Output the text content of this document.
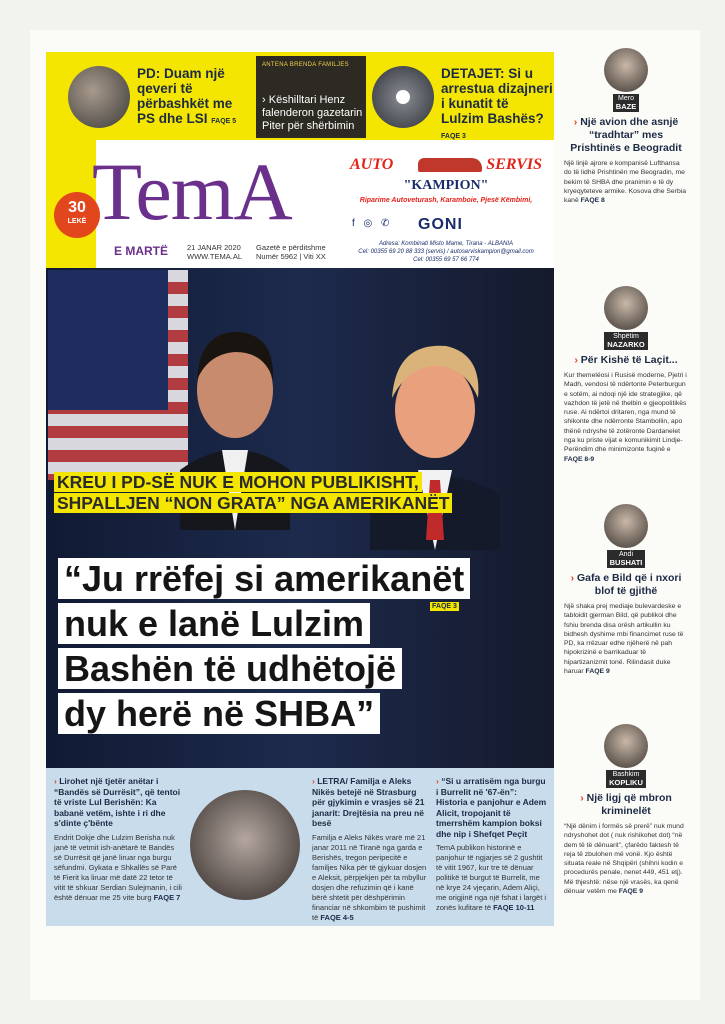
PD: Duam një qeveri të përbashkët me PS dhe LSI FAQE 5
ANTENA BRENDA FAMILJES
› Këshilltari Henz falenderon gazetarin Piter për shërbimin
DETAJET: Si u arrestua dizajneri i kunatit të Lulzim Bashës? FAQE 3
30
LEKË TemA
E MARTË	21 JANAR 2020
WWW.TEMA.AL
Gazetë e përditshme
Numër 5962 | Viti XX
AUTO	SERVIS
"KAMPION"
Riparime Autoveturash, Karamboie, Pjesë Këmbimi,
f ◎ ✆ GONI
Adresa: Kombinati Misto Mame, Tirana - ALBANIA
Cel: 00355 69 20 88 333 (servis) / autoserviskampion@gmail.com
Cel: 00355 69 57 66 774
KREU I PD-SË NUK E MOHON PUBLIKISHT, SHPALLJEN “NON GRATA” NGA AMERIKANËT
“Ju rrëfej si amerikanët
nuk e lanë Lulzim
Bashën të udhëtojë
dy herë në SHBA”
FAQE 3
› Lirohet një tjetër anëtar i “Bandës së Durrësit”, që tentoi të vriste Lul Berishën: Ka babanë vetëm, ishte i ri dhe s'dinte ç'bënte
Endrit Dokje dhe Lulzim Berisha nuk janë të vetmit ish-anëtarë të Bandës së Durrësit që janë liruar nga burgu sëfundmi. Gykata e Shkallës së Parë të Fierit ka liruar më datë 22 tetor të vitit të shkuar Serdian Sulejmanin, i cili është dënuar me 25 vite burg FAQE 7
› LETRA/ Familja e Aleks Nikës betejë në Strasburg për gjykimin e vrasjes së 21 janarit: Drejtësia na preu në besë
Familja e Aleks Nikës vrarë më 21 janar 2011 në Tiranë nga garda e Berishës, tregon peripecitë e familjes Nika për të gjykuar dosjen e Aleksit, përpjekjen për ta mbyllur dosjen dhe refuzimin që i kanë bërë shtetit për dëshpërimin financiar në shkombim të pushimit të FAQE 4-5
› “Si u arratisëm nga burgu i Burrelit në '67-ën”: Historia e panjohur e Adem Alicit, tropojanit të tmerrshëm kampion boksi dhe nip i Shefqet Peçit
TemA publikon historinë e panjohur të ngjarjes së 2 gushtit të vitit 1967, kur tre të dënuar politikë të burgut të Burrelit, me në krye 24 vjeçarin, Adem Aliçi, me origjinë nga një fshat i largët i zonës kufitare të FAQE 10-11
Mero
BAZE
› Një avion dhe asnjë “tradhtar” mes Prishtinës e Beogradit
Një linjë ajrore e kompanisë Lufthansa do të lidhë Prishtinën me Beogradin, me bekim të SHBA dhe pranimin e të dy kryeqyteteve armike. Kosova dhe Serbia kanë FAQE 8
Shpëtim
NAZARKO
› Për Kishë të Laçit...
Kur themelëosi i Rusisë moderne, Pjetri i Madh, vendosi të ndërtonte Peterburgun e sotëm, ai ndoqi një ide strategjike, që vazhdon të jetë në thelbin e gjeopolitikës ruse. Ai ndërtoi dritaren, nga mund të shikonte dhe ndërronte Stambollin, apo thënë ndryshe të zotëronte Dardanelet nga ku priste vijat e komunikimit Lindje-Perëndim dhe minimizonte fuqinë e FAQE 8-9
Andi
BUSHATI
› Gafa e Bild që i nxori blof të gjithë
Një shaka prej mediaje bulevardeske e tabloidit gjerman Bild, që publikoi dhe fshiu brenda disa orësh artikullin ku bidhesh dyshime mbi financimet ruse të PD, ka rrëzuar edhe njëherë në pah hipokrizinë e barrikaduar të hipartizanizmit tonë. Rilindasit duke haruar FAQE 9
Bashkim
KOPLIKU
› Një ligj që mbron kriminelët
“Një dënim i formës së prerë” nuk mund ndryshohet dot ( nuk rishikohet dot) “në dem të të dënuarit”, çfarëdo faktesh të reja të zbulohen më vonë. Kjo është situata reale në Shqipëri (shihni kodin e procedurës penale, nenet 449, 451 etj). Më thjeshtë: nëse një vrasës, ka qenë dënuar vetëm me FAQE 9
